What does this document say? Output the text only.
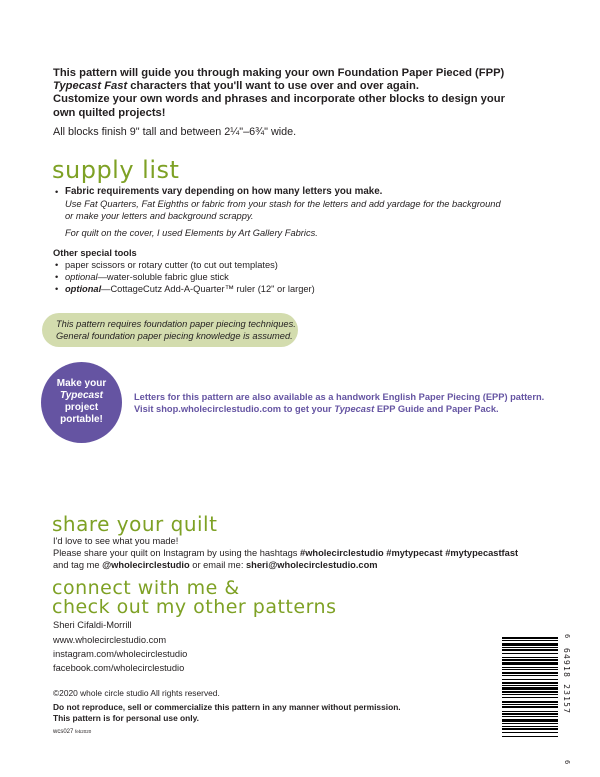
This pattern will guide you through making your own Foundation Paper Pieced (FPP)
Typecast Fast characters that you'll want to use over and over again.
Customize your own words and phrases and incorporate other blocks to design your
own quilted projects!
All blocks finish 9" tall and between 2¼"–6¾" wide.
supply list
• Fabric requirements vary depending on how many letters you make.
Use Fat Quarters, Fat Eighths or fabric from your stash for the letters and add yardage for the background
or make your letters and background scrappy.
For quilt on the cover, I used Elements by Art Gallery Fabrics.
Other special tools
• paper scissors or rotary cutter (to cut out templates)
• optional—water-soluble fabric glue stick
• optional—CottageCutz Add-A-Quarter™ ruler (12" or larger)
This pattern requires foundation paper piecing techniques.
General foundation paper piecing knowledge is assumed.
Make your
Typecast
project
portable!
Letters for this pattern are also available as a handwork English Paper Piecing (EPP) pattern.
Visit shop.wholecirclestudio.com to get your Typecast EPP Guide and Paper Pack.
share your quilt
I'd love to see what you made!
Please share your quilt on Instagram by using the hashtags #wholecirclestudio #mytypecast #mytypecastfast
and tag me @wholecirclestudio or email me: sheri@wholecirclestudio.com
connect with me &
check out my other patterns
Sheri Cifaldi-Morrill
www.wholecirclestudio.com
instagram.com/wholecirclestudio
facebook.com/wholecirclestudio
©2020 whole circle studio All rights reserved.
Do not reproduce, sell or commercialize this pattern in any manner without permission.
This pattern is for personal use only.
wcs027 feb2020
6
64918 23157
6
